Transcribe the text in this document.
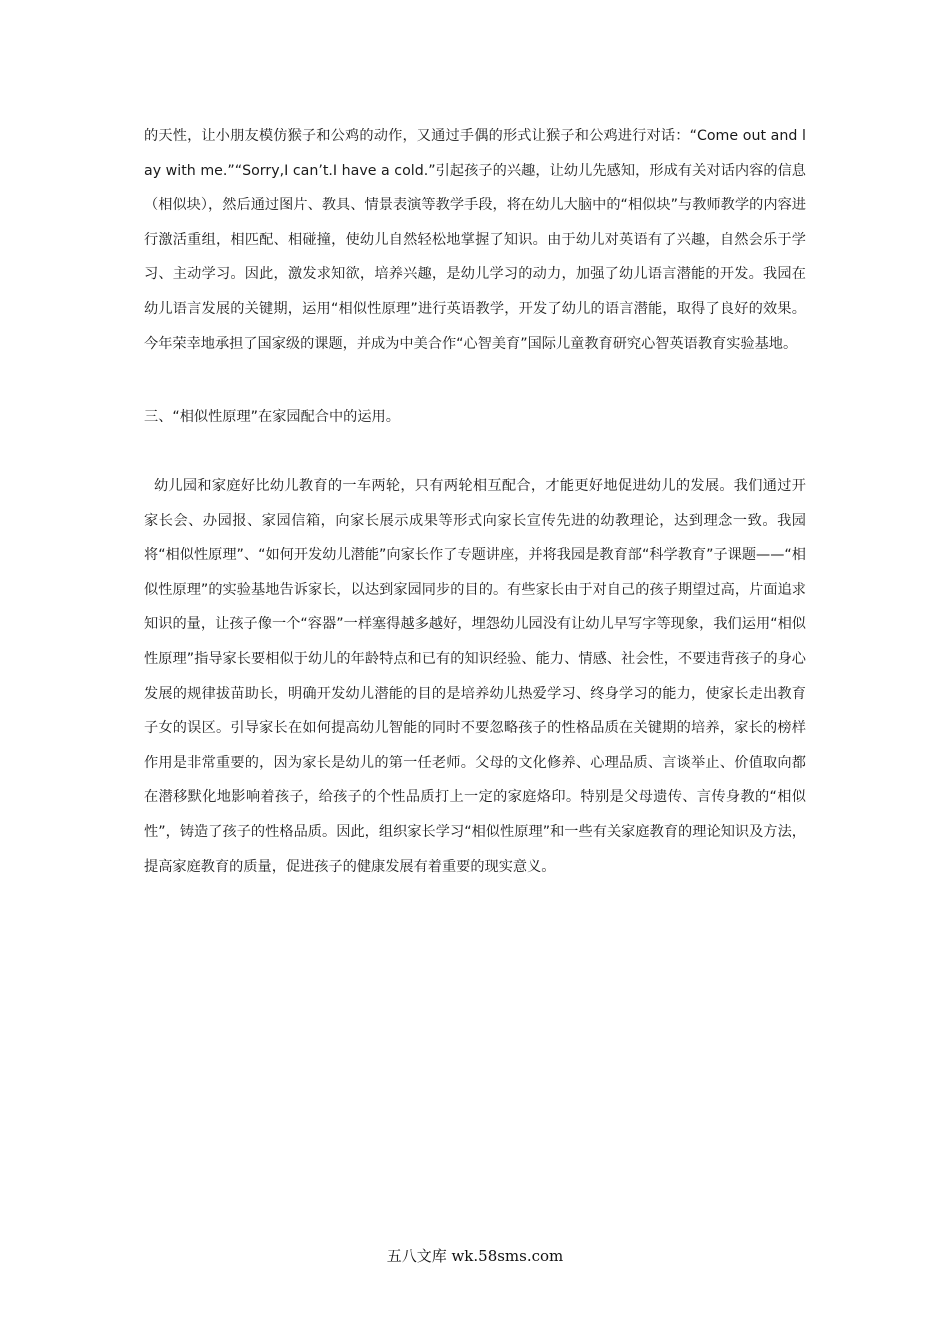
的天性，让小朋友模仿猴子和公鸡的动作，又通过手偶的形式让猴子和公鸡进行对话：“Come out and lay with me.”“Sorry,I can’t.I have a cold.”引起孩子的兴趣，让幼儿先感知，形成有关对话内容的信息（相似块），然后通过图片、教具、情景表演等教学手段，将在幼儿大脑中的“相似块”与教师教学的内容进行激活重组，相匹配、相碰撞，使幼儿自然轻松地掌握了知识。由于幼儿对英语有了兴趣，自然会乐于学习、主动学习。因此，激发求知欲，培养兴趣，是幼儿学习的动力，加强了幼儿语言潜能的开发。我园在幼儿语言发展的关键期，运用“相似性原理”进行英语教学，开发了幼儿的语言潜能，取得了良好的效果。今年荣幸地承担了国家级的课题，并成为中美合作“心智美育”国际儿童教育研究心智英语教育实验基地。

三、“相似性原理”在家园配合中的运用。

幼儿园和家庭好比幼儿教育的一车两轮，只有两轮相互配合，才能更好地促进幼儿的发展。我们通过开家长会、办园报、家园信箱，向家长展示成果等形式向家长宣传先进的幼教理论，达到理念一致。我园将“相似性原理”、“如何开发幼儿潜能”向家长作了专题讲座，并将我园是教育部“科学教育”子课题——“相似性原理”的实验基地告诉家长，以达到家园同步的目的。有些家长由于对自己的孩子期望过高，片面追求知识的量，让孩子像一个“容器”一样塞得越多越好，埋怨幼儿园没有让幼儿早写字等现象，我们运用“相似性原理”指导家长要相似于幼儿的年龄特点和已有的知识经验、能力、情感、社会性，不要违背孩子的身心发展的规律拔苗助长，明确开发幼儿潜能的目的是培养幼儿热爱学习、终身学习的能力，使家长走出教育子女的误区。引导家长在如何提高幼儿智能的同时不要忽略孩子的性格品质在关键期的培养，家长的榜样作用是非常重要的，因为家长是幼儿的第一任老师。父母的文化修养、心理品质、言谈举止、价值取向都在潜移默化地影响着孩子，给孩子的个性品质打上一定的家庭烙印。特别是父母遗传、言传身教的“相似性”，铸造了孩子的性格品质。因此，组织家长学习“相似性原理”和一些有关家庭教育的理论知识及方法，提高家庭教育的质量，促进孩子的健康发展有着重要的现实意义。

五八文库 wk.58sms.com
